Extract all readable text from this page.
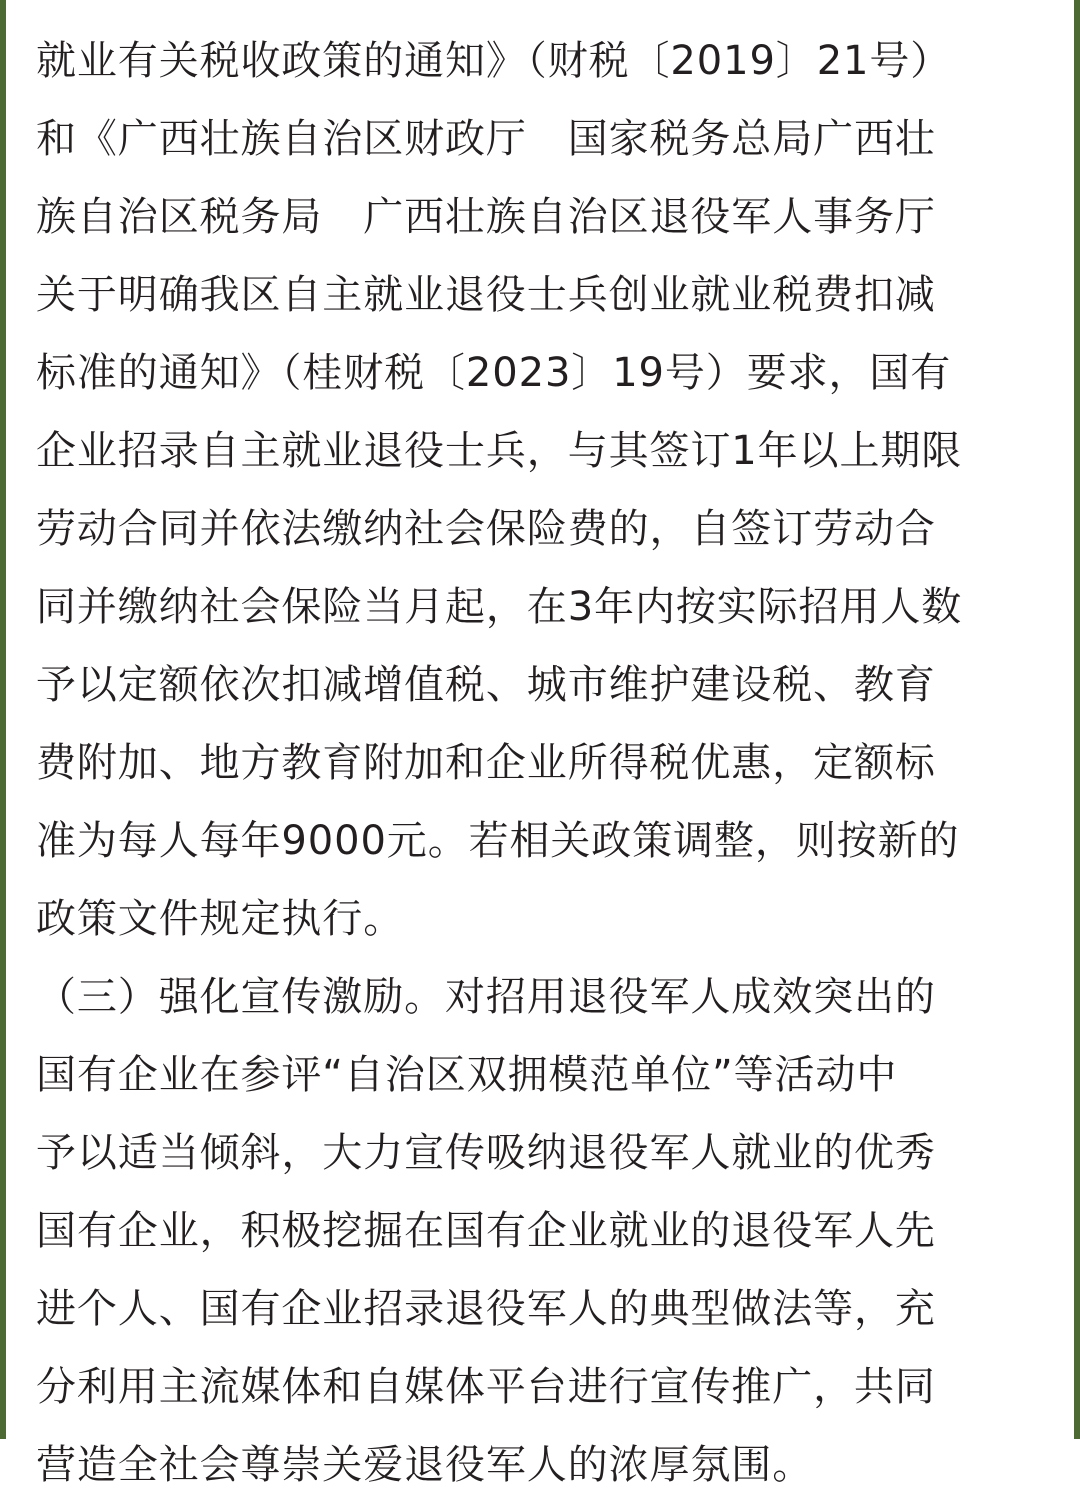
就业有关税收政策的通知》（财税〔2019〕21号）
和《广西壮族自治区财政厅　国家税务总局广西壮
族自治区税务局　广西壮族自治区退役军人事务厅
关于明确我区自主就业退役士兵创业就业税费扣减
标准的通知》（桂财税〔2023〕19号）要求，国有
企业招录自主就业退役士兵，与其签订1年以上期限
劳动合同并依法缴纳社会保险费的，自签订劳动合
同并缴纳社会保险当月起，在3年内按实际招用人数
予以定额依次扣减增值税、城市维护建设税、教育
费附加、地方教育附加和企业所得税优惠，定额标
准为每人每年9000元。若相关政策调整，则按新的
政策文件规定执行。
（三）强化宣传激励。对招用退役军人成效突出的
国有企业在参评“自治区双拥模范单位”等活动中
予以适当倾斜，大力宣传吸纳退役军人就业的优秀
国有企业，积极挖掘在国有企业就业的退役军人先
进个人、国有企业招录退役军人的典型做法等，充
分利用主流媒体和自媒体平台进行宣传推广，共同
营造全社会尊崇关爱退役军人的浓厚氛围。
